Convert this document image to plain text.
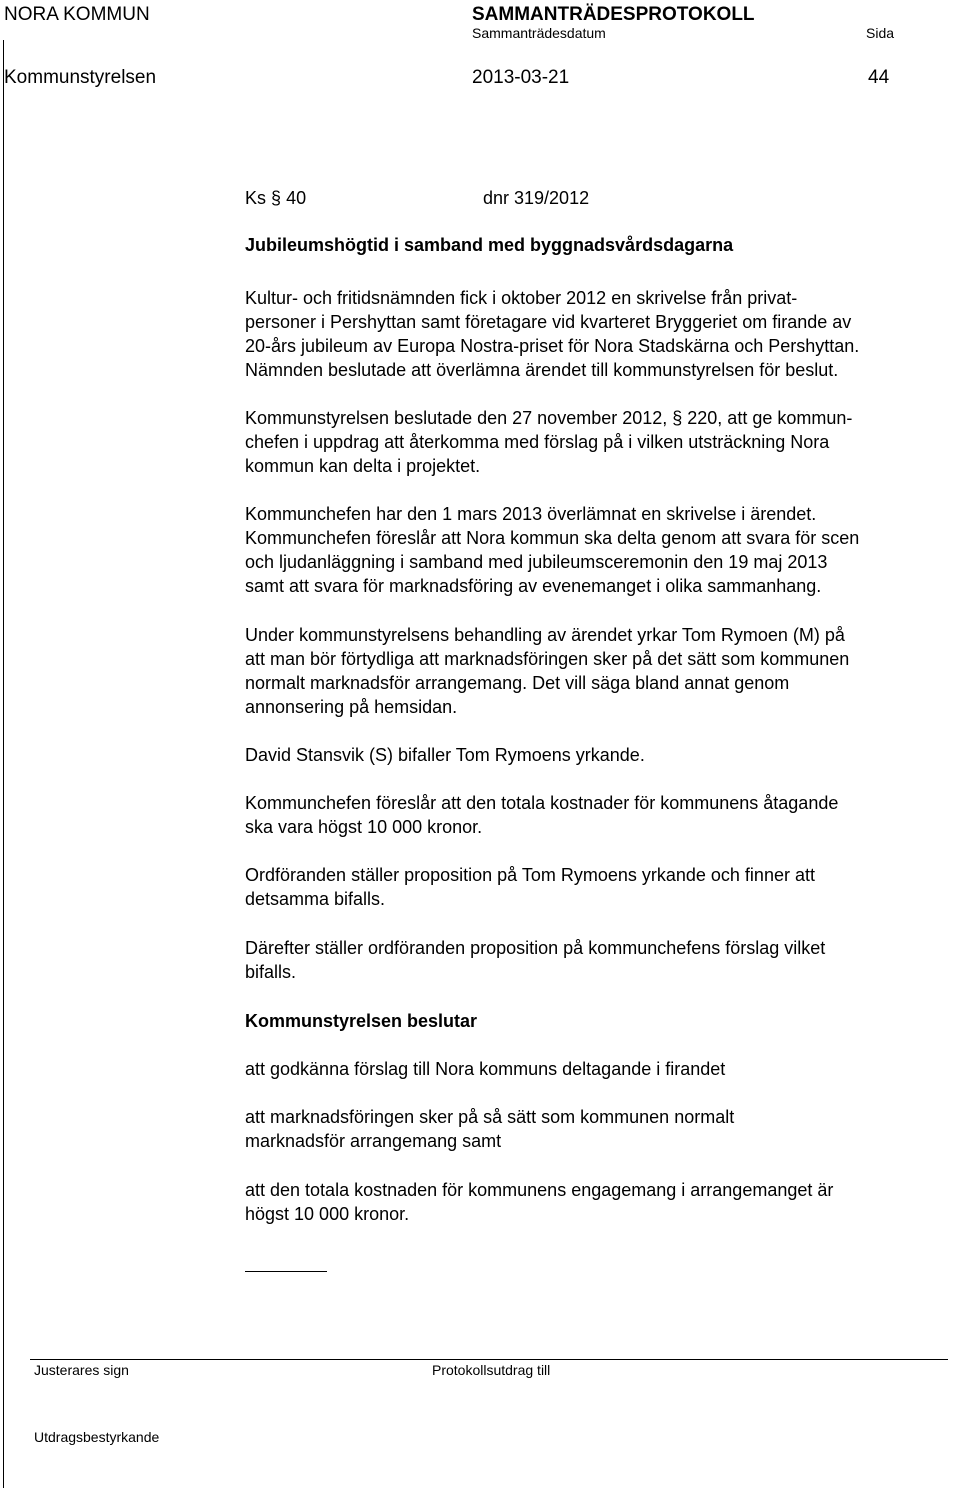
NORA KOMMUN	SAMMANTRÄDESPROTOKOLL
Sammanträdesdatum	Sida
Kommunstyrelsen	2013-03-21	44
Ks § 40	dnr 319/2012
Jubileumshögtid i samband med byggnadsvårdsdagarna
Kultur- och fritidsnämnden fick i oktober 2012 en skrivelse från privat-
personer i Pershyttan samt företagare vid kvarteret Bryggeriet om firande av
20-års jubileum av Europa Nostra-priset för Nora Stadskärna och Pershyttan.
Nämnden beslutade att överlämna ärendet till kommunstyrelsen för beslut.
Kommunstyrelsen beslutade den 27 november 2012, § 220, att ge kommun-
chefen i uppdrag att återkomma med förslag på i vilken utsträckning Nora
kommun kan delta i projektet.
Kommunchefen har den 1 mars 2013 överlämnat en skrivelse i ärendet.
Kommunchefen föreslår att Nora kommun ska delta genom att svara för scen
och ljudanläggning i samband med jubileumsceremonin den 19 maj 2013
samt att svara för marknadsföring av evenemanget i olika sammanhang.
Under kommunstyrelsens behandling av ärendet yrkar Tom Rymoen (M) på
att man bör förtydliga att marknadsföringen sker på det sätt som kommunen
normalt marknadsför arrangemang. Det vill säga bland annat genom
annonsering på hemsidan.
David Stansvik (S) bifaller Tom Rymoens yrkande.
Kommunchefen föreslår att den totala kostnader för kommunens åtagande
ska vara högst 10 000 kronor.
Ordföranden ställer proposition på Tom Rymoens yrkande och finner att
detsamma bifalls.
Därefter ställer ordföranden proposition på kommunchefens förslag vilket
bifalls.
Kommunstyrelsen beslutar
att godkänna förslag till Nora kommuns deltagande i firandet
att marknadsföringen sker på så sätt som kommunen normalt
marknadsför arrangemang samt
att den totala kostnaden för kommunens engagemang i arrangemanget är
högst 10 000 kronor.
Justerares sign	Protokollsutdrag till
Utdragsbestyrkande
